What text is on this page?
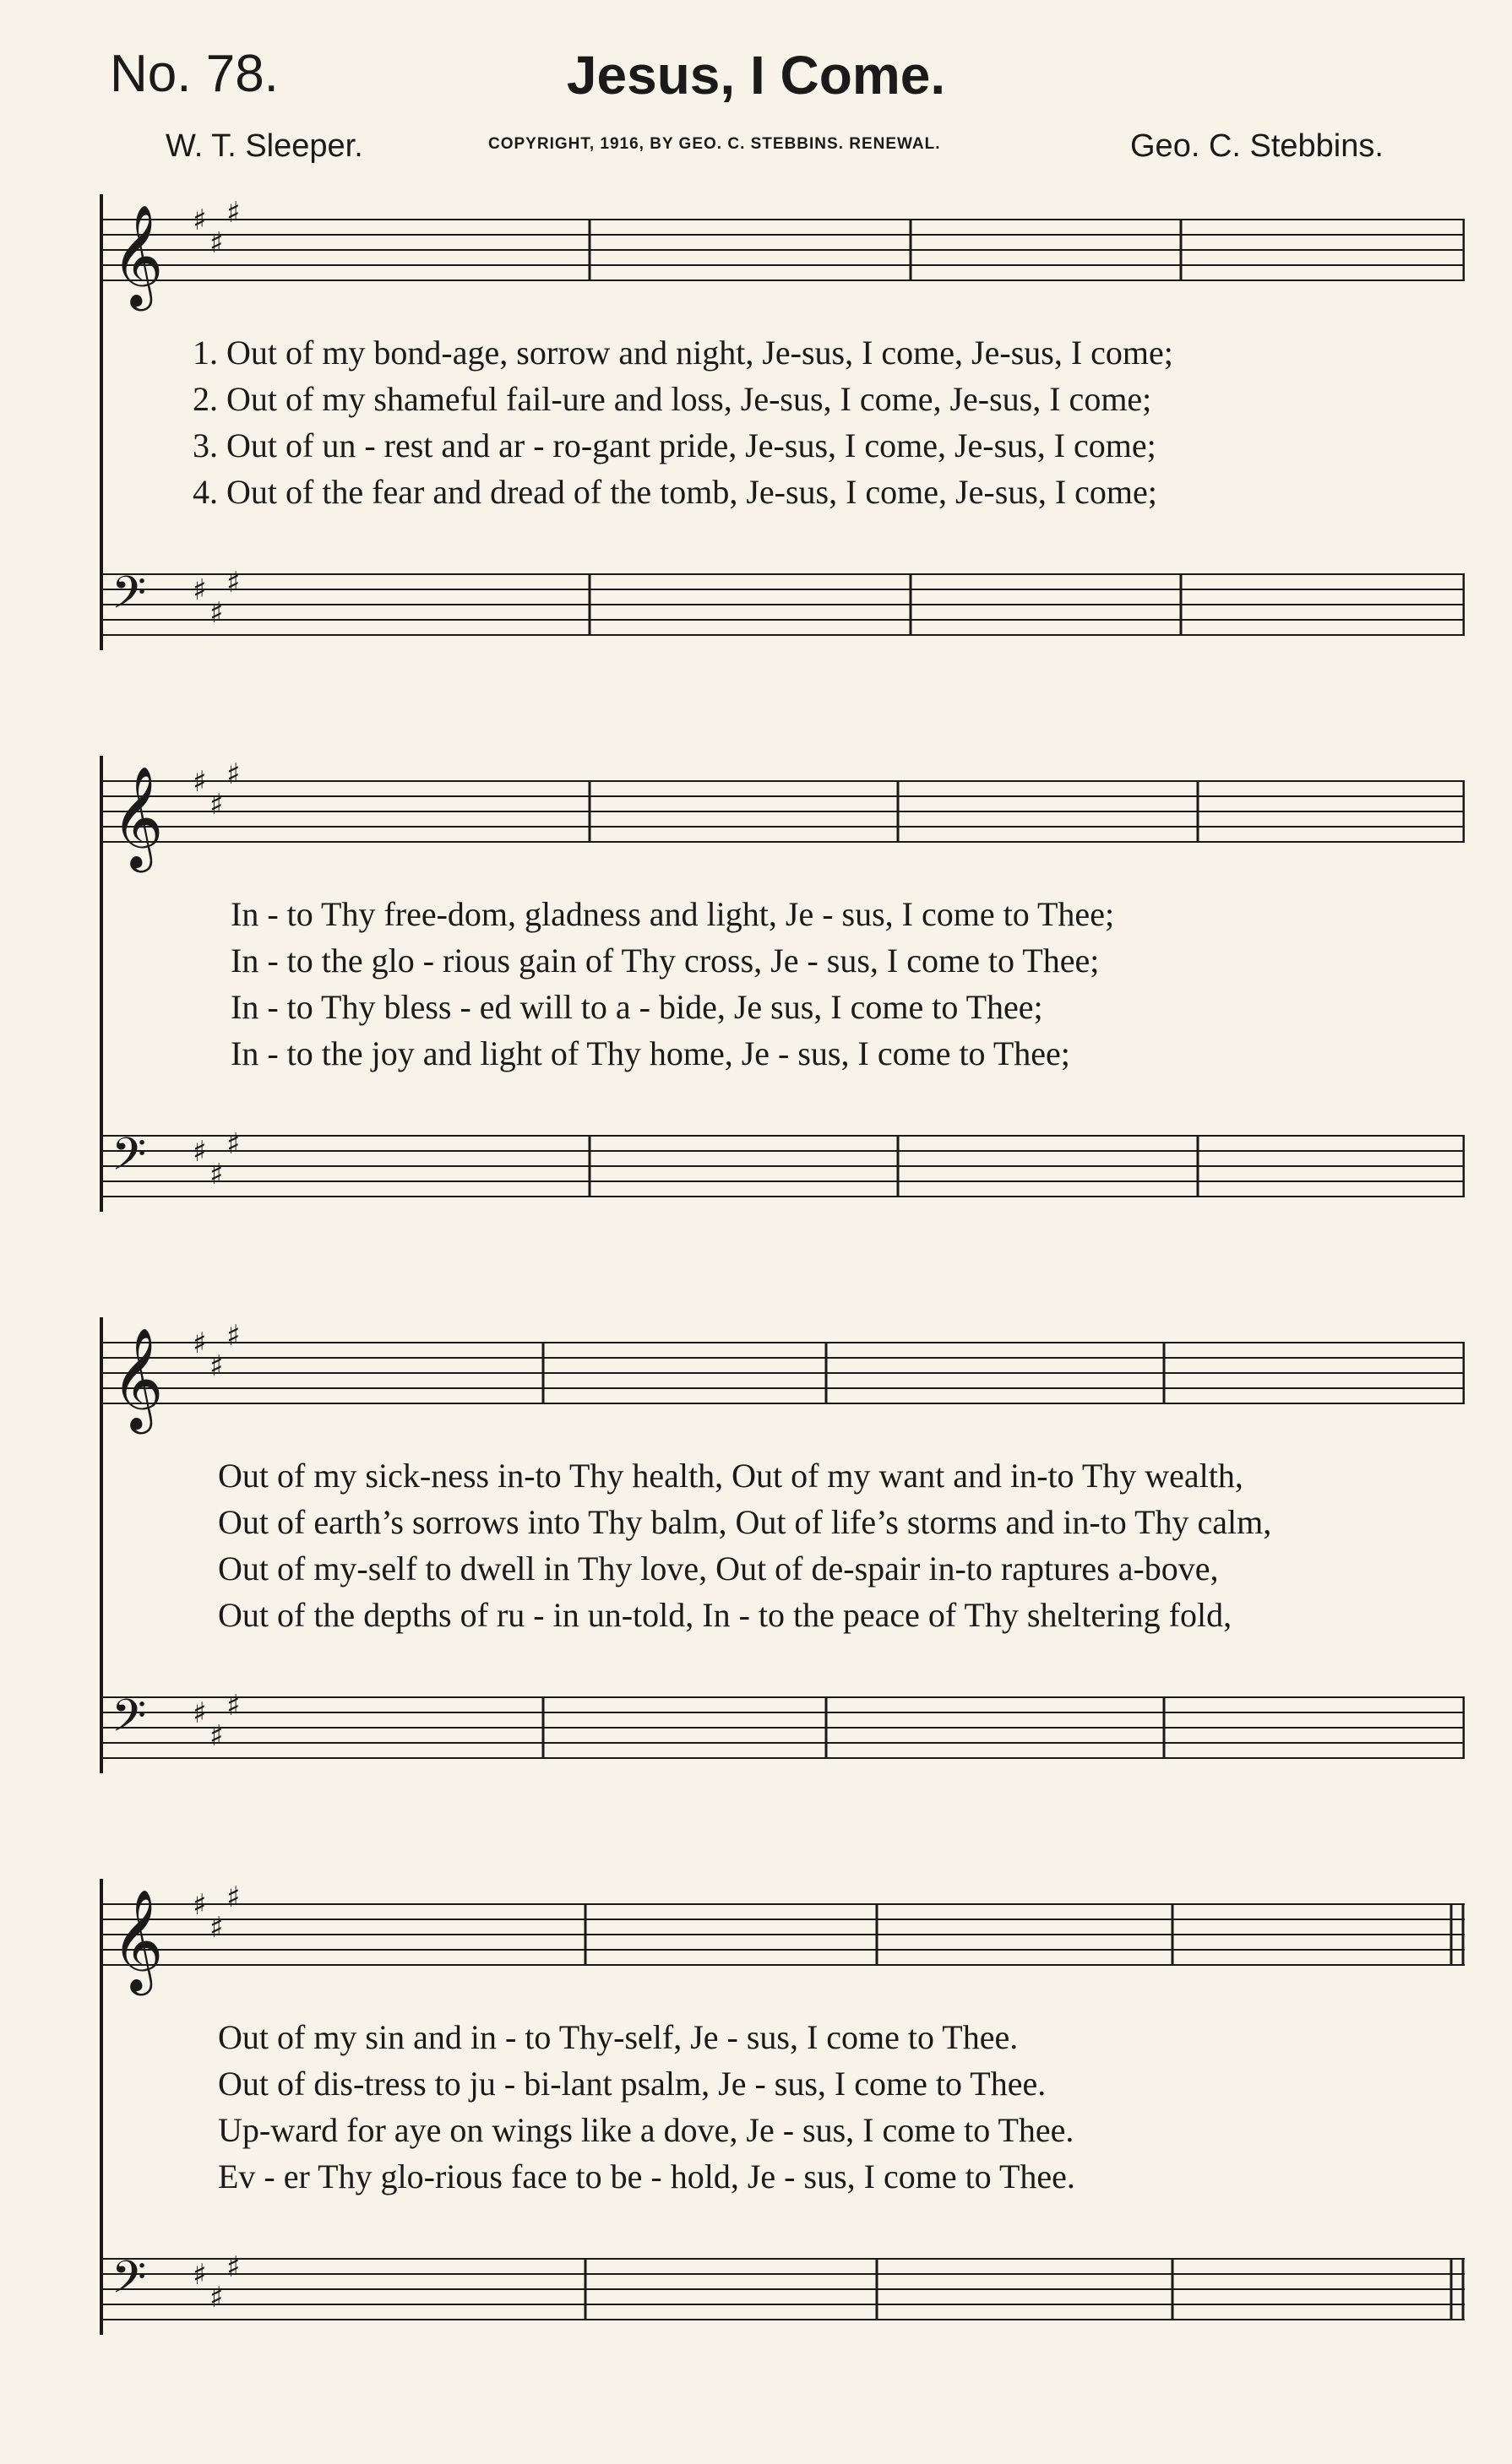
No. 78.	Jesus, I Come.
W. T. Sleeper.	COPYRIGHT, 1916, BY GEO. C. STEBBINS. RENEWAL.	Geo. C. Stebbins.
𝄞 ♯
♯
♯
1. Out of my bond-age, sorrow and night, Je-sus, I come, Je-sus, I come;
2. Out of my shameful fail-ure and loss, Je-sus, I come, Je-sus, I come;
3. Out of un - rest and ar - ro-gant pride, Je-sus, I come, Je-sus, I come;
4. Out of the fear and dread of the tomb, Je-sus, I come, Je-sus, I come;
𝄢 ♯
♯
♯
𝄞 ♯
♯
♯
In - to Thy free-dom, gladness and light, Je - sus, I come to Thee;
In - to the glo - rious gain of Thy cross, Je - sus, I come to Thee;
In - to Thy bless - ed will to a - bide, Je sus, I come to Thee;
In - to the joy and light of Thy home, Je - sus, I come to Thee;
𝄢 ♯
♯
♯
𝄞 ♯
♯
♯
Out of my sick-ness in-to Thy health, Out of my want and in-to Thy wealth,
Out of earth’s sorrows into Thy balm, Out of life’s storms and in-to Thy calm,
Out of my-self to dwell in Thy love, Out of de-spair in-to raptures a-bove,
Out of the depths of ru - in un-told, In - to the peace of Thy sheltering fold,
𝄢 ♯
♯
♯
𝄞 ♯
♯
♯
Out of my sin and in - to Thy-self, Je - sus, I come to Thee.
Out of dis-tress to ju - bi-lant psalm, Je - sus, I come to Thee.
Up-ward for aye on wings like a dove, Je - sus, I come to Thee.
Ev - er Thy glo-rious face to be - hold, Je - sus, I come to Thee.
𝄢 ♯
♯
♯
